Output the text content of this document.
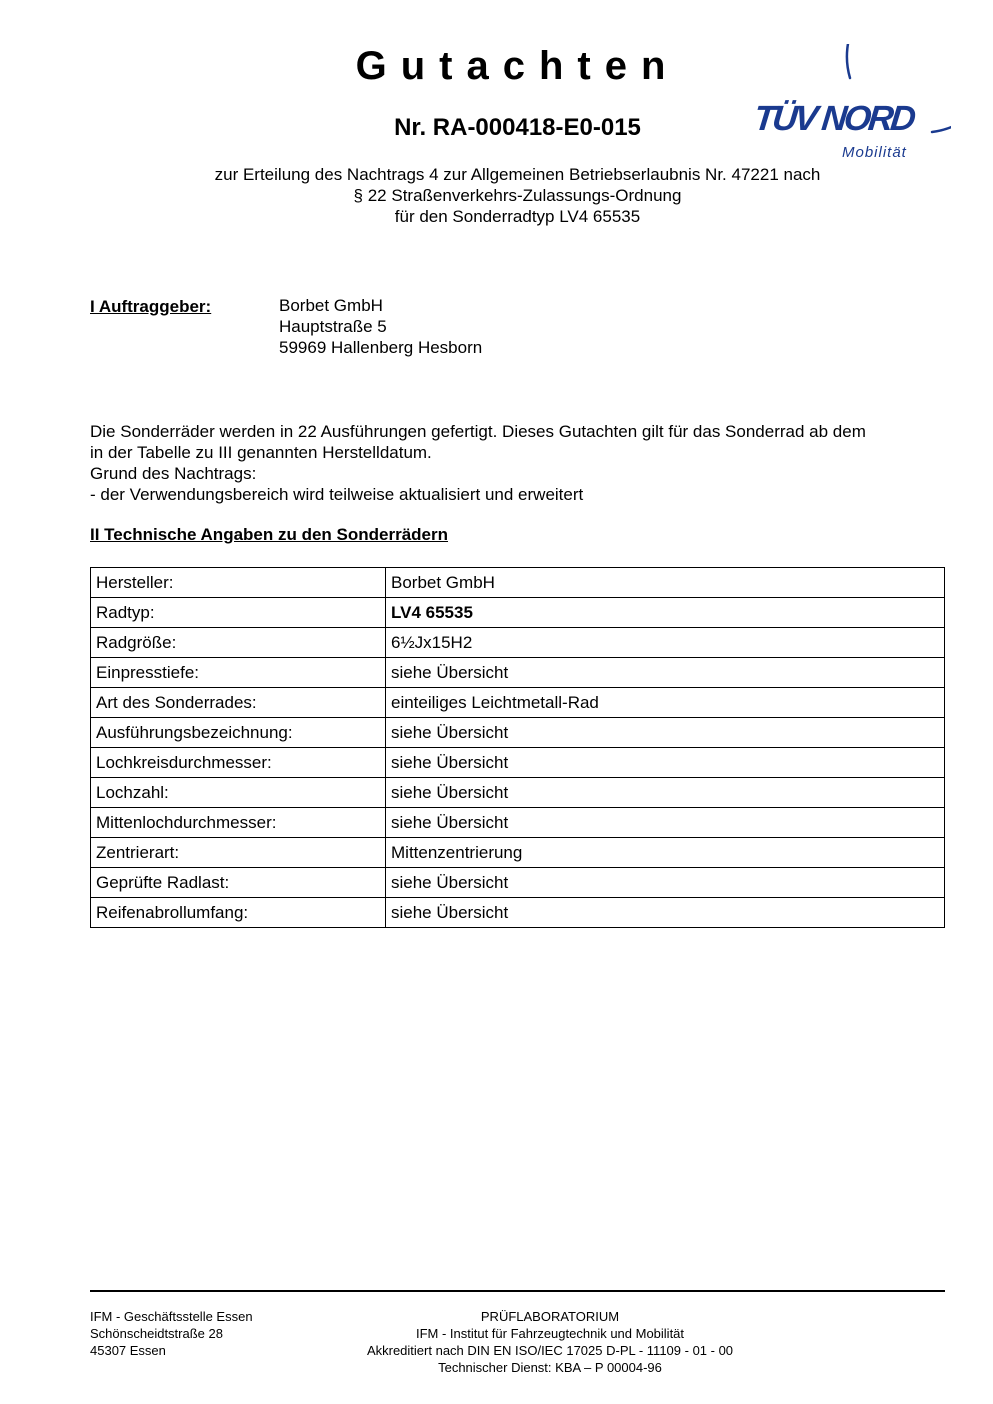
Gutachten
Nr. RA-000418-E0-015
zur Erteilung des Nachtrags 4 zur Allgemeinen Betriebserlaubnis Nr. 47221 nach
§ 22 Straßenverkehrs-Zulassungs-Ordnung
für den Sonderradtyp LV4 65535
TÜV NORD
Mobilität
I Auftraggeber:	Borbet GmbH
Hauptstraße 5
59969 Hallenberg Hesborn
Die Sonderräder werden in 22 Ausführungen gefertigt. Dieses Gutachten gilt für das Sonderrad ab dem
in der Tabelle zu III genannten Herstelldatum.
Grund des Nachtrags:
- der Verwendungsbereich wird teilweise aktualisiert und erweitert
II Technische Angaben zu den Sonderrädern
Hersteller:	Borbet GmbH
Radtyp:	LV4 65535
Radgröße:	6½Jx15H2
Einpresstiefe:	siehe Übersicht
Art des Sonderrades:	einteiliges Leichtmetall-Rad
Ausführungsbezeichnung:	siehe Übersicht
Lochkreisdurchmesser:	siehe Übersicht
Lochzahl:	siehe Übersicht
Mittenlochdurchmesser:	siehe Übersicht
Zentrierart:	Mittenzentrierung
Geprüfte Radlast:	siehe Übersicht
Reifenabrollumfang:	siehe Übersicht
IFM - Geschäftsstelle Essen
Schönscheidtstraße 28
45307 Essen
PRÜFLABORATORIUM
IFM - Institut für Fahrzeugtechnik und Mobilität
Akkreditiert nach DIN EN ISO/IEC 17025 D-PL - 11109 - 01 - 00
Technischer Dienst: KBA – P 00004-96
